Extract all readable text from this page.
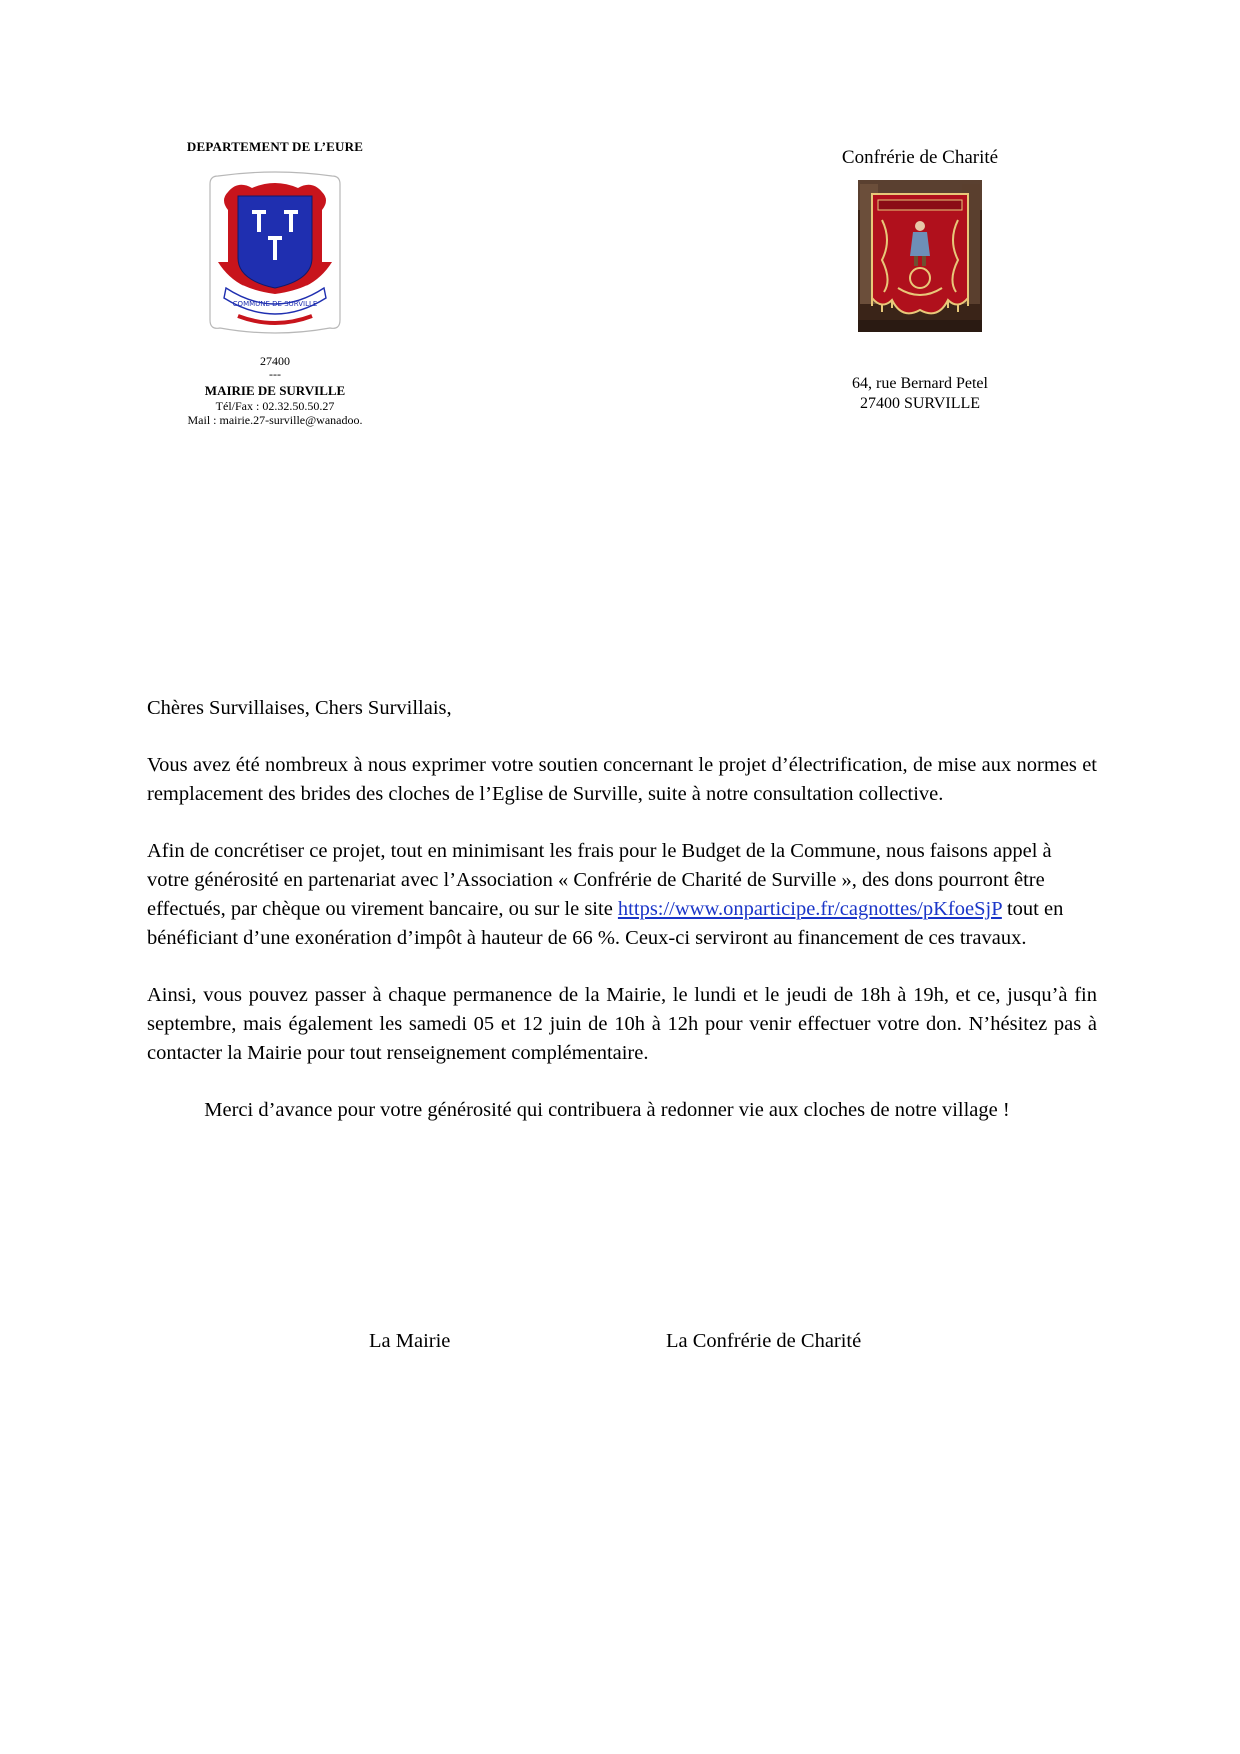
DEPARTEMENT DE L’EURE
COMMUNE DE SURVILLE
27400
---
MAIRIE DE SURVILLE
Tél/Fax : 02.32.50.50.27
Mail : mairie.27-surville@wanadoo.
Confrérie de Charité
64, rue Bernard Petel
27400 SURVILLE

Chères Survillaises, Chers Survillais,

Vous avez été nombreux à nous exprimer votre soutien concernant le projet d’électrification, de mise aux normes et remplacement des brides des cloches de l’Eglise de Surville, suite à notre consultation collective.

Afin de concrétiser ce projet, tout en minimisant les frais pour le Budget de la Commune, nous faisons appel à votre générosité en partenariat avec l’Association « Confrérie de Charité de Surville », des dons pourront être effectués, par chèque ou virement bancaire, ou sur le site https://www.onparticipe.fr/cagnottes/pKfoeSjP tout en bénéficiant d’une exonération d’impôt à hauteur de 66 %. Ceux-ci serviront au financement de ces travaux.

Ainsi, vous pouvez passer à chaque permanence de la Mairie, le lundi et le jeudi de 18h à 19h, et ce, jusqu’à fin septembre, mais également les samedi 05 et 12 juin de 10h à 12h pour venir effectuer votre don. N’hésitez pas à contacter la Mairie pour tout renseignement complémentaire.

Merci d’avance pour votre générosité qui contribuera à redonner vie aux cloches de notre village !

La Mairie	La Confrérie de Charité
